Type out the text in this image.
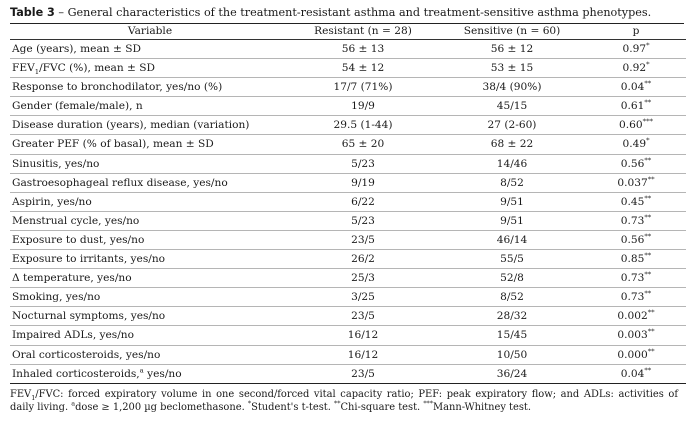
Table 3 – General characteristics of the treatment-resistant asthma and treatment-sensitive asthma phenotypes.
Variable	Resistant (n = 28)	Sensitive (n = 60)	p
Age (years), mean ± SD	56 ± 13	56 ± 12	0.97*
$FEV_1$/FVC (%), mean ± SD	54 ± 12	53 ± 15	0.92*
Response to bronchodilator, yes/no (%)	17/7 (71%)	38/4 (90%)	0.04**
Gender (female/male), n	19/9	45/15	0.61**
Disease duration (years), median (variation)	29.5 (1-44)	27 (2-60)	0.60***
Greater PEF (% of basal), mean ± SD	65 ± 20	68 ± 22	0.49*
Sinusitis, yes/no	5/23	14/46	0.56**
Gastroesophageal reflux disease, yes/no	9/19	8/52	0.037**
Aspirin, yes/no	6/22	9/51	0.45**
Menstrual cycle, yes/no	5/23	9/51	0.73**
Exposure to dust, yes/no	23/5	46/14	0.56**
Exposure to irritants, yes/no	26/2	55/5	0.85**
Δ temperature, yes/no	25/3	52/8	0.73**
Smoking, yes/no	3/25	8/52	0.73**
Nocturnal symptoms, yes/no	23/5	28/32	0.002**
Impaired ADLs, yes/no	16/12	15/45	0.003**
Oral corticosteroids, yes/no	16/12	10/50	0.000**
Inhaled corticosteroids,$^a$ yes/no	23/5	36/24	0.04**
$FEV_1$/FVC: forced expiratory volume in one second/forced vital capacity ratio; PEF: peak expiratory flow; and ADLs: activities of daily living. $^a$dose ≥ 1,200 µg beclomethasone. *Student's t-test. **Chi-square test. ***Mann-Whitney test.
